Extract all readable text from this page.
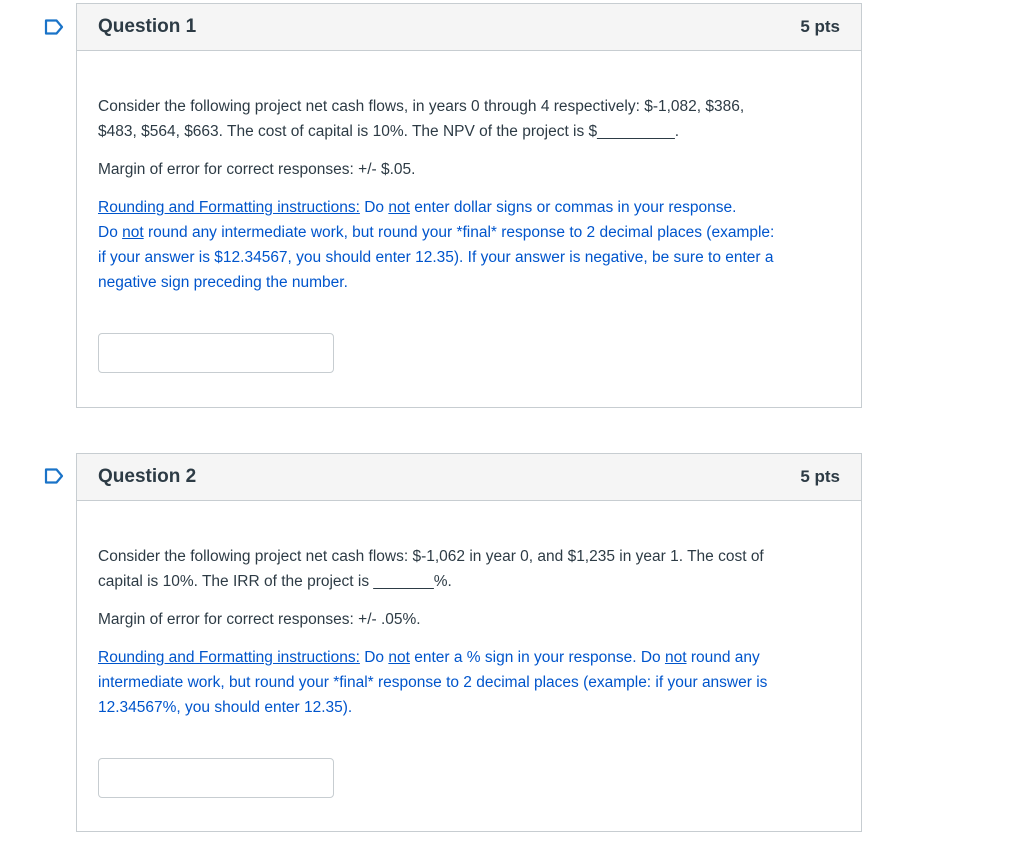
Question 1	5 pts

Consider the following project net cash flows, in years 0 through 4 respectively: $-1,082, $386,
$483, $564, $663. The cost of capital is 10%. The NPV of the project is $_________.

Margin of error for correct responses: +/- $.05.

Rounding and Formatting instructions: Do not enter dollar signs or commas in your response.
Do not round any intermediate work, but round your *final* response to 2 decimal places (example:
if your answer is $12.34567, you should enter 12.35). If your answer is negative, be sure to enter a
negative sign preceding the number.

Question 2	5 pts

Consider the following project net cash flows: $-1,062 in year 0, and $1,235 in year 1. The cost of
capital is 10%. The IRR of the project is _______%.

Margin of error for correct responses: +/- .05%.

Rounding and Formatting instructions: Do not enter a % sign in your response. Do not round any
intermediate work, but round your *final* response to 2 decimal places (example: if your answer is
12.34567%, you should enter 12.35).
